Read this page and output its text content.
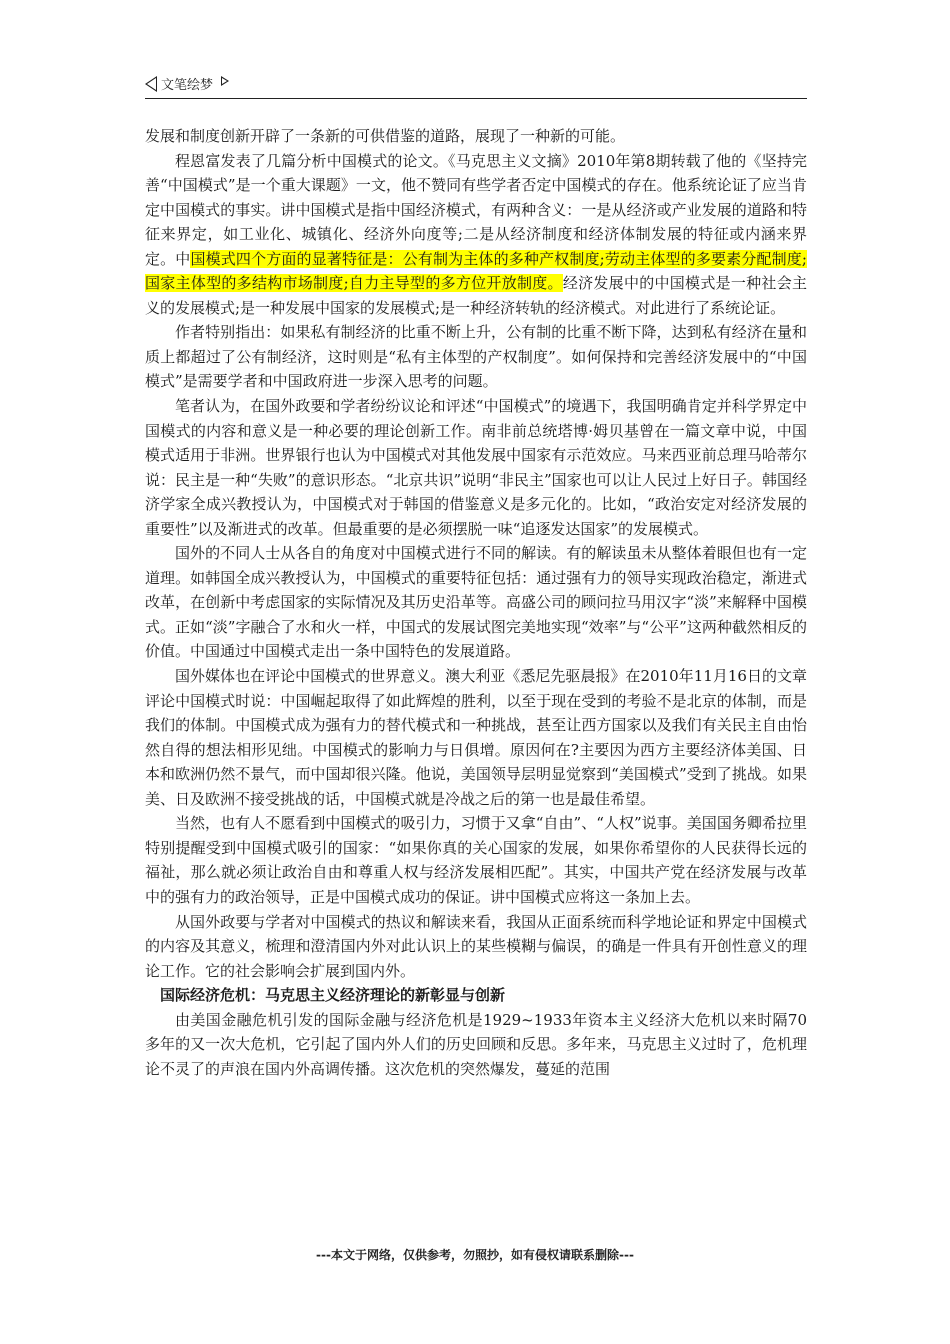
文笔绘梦

发展和制度创新开辟了一条新的可供借鉴的道路，展现了一种新的可能。

程恩富发表了几篇分析中国模式的论文。《马克思主义文摘》2010年第8期转载了他的《坚持完善“中国模式”是一个重大课题》一文，他不赞同有些学者否定中国模式的存在。他系统论证了应当肯定中国模式的事实。讲中国模式是指中国经济模式，有两种含义：一是从经济或产业发展的道路和特征来界定，如工业化、城镇化、经济外向度等;二是从经济制度和经济体制发展的特征或内涵来界定。中国模式四个方面的显著特征是：公有制为主体的多种产权制度;劳动主体型的多要素分配制度;国家主体型的多结构市场制度;自力主导型的多方位开放制度。经济发展中的中国模式是一种社会主义的发展模式;是一种发展中国家的发展模式;是一种经济转轨的经济模式。对此进行了系统论证。

作者特别指出：如果私有制经济的比重不断上升，公有制的比重不断下降，达到私有经济在量和质上都超过了公有制经济，这时则是“私有主体型的产权制度”。如何保持和完善经济发展中的“中国模式”是需要学者和中国政府进一步深入思考的问题。

笔者认为，在国外政要和学者纷纷议论和评述“中国模式”的境遇下，我国明确肯定并科学界定中国模式的内容和意义是一种必要的理论创新工作。南非前总统塔博·姆贝基曾在一篇文章中说，中国模式适用于非洲。世界银行也认为中国模式对其他发展中国家有示范效应。马来西亚前总理马哈蒂尔说：民主是一种“失败”的意识形态。“北京共识”说明“非民主”国家也可以让人民过上好日子。韩国经济学家全成兴教授认为，中国模式对于韩国的借鉴意义是多元化的。比如，“政治安定对经济发展的重要性”以及渐进式的改革。但最重要的是必须摆脱一味“追逐发达国家”的发展模式。

国外的不同人士从各自的角度对中国模式进行不同的解读。有的解读虽未从整体着眼但也有一定道理。如韩国全成兴教授认为，中国模式的重要特征包括：通过强有力的领导实现政治稳定，渐进式改革，在创新中考虑国家的实际情况及其历史沿革等。高盛公司的顾问拉马用汉字“淡”来解释中国模式。正如“淡”字融合了水和火一样，中国式的发展试图完美地实现“效率”与“公平”这两种截然相反的价值。中国通过中国模式走出一条中国特色的发展道路。

国外媒体也在评论中国模式的世界意义。澳大利亚《悉尼先驱晨报》在2010年11月16日的文章评论中国模式时说：中国崛起取得了如此辉煌的胜利，以至于现在受到的考验不是北京的体制，而是我们的体制。中国模式成为强有力的替代模式和一种挑战，甚至让西方国家以及我们有关民主自由怡然自得的想法相形见绌。中国模式的影响力与日俱增。原因何在?主要因为西方主要经济体美国、日本和欧洲仍然不景气，而中国却很兴隆。他说，美国领导层明显觉察到“美国模式”受到了挑战。如果美、日及欧洲不接受挑战的话，中国模式就是冷战之后的第一也是最佳希望。

当然，也有人不愿看到中国模式的吸引力，习惯于又拿“自由”、“人权”说事。美国国务卿希拉里特别提醒受到中国模式吸引的国家：“如果你真的关心国家的发展，如果你希望你的人民获得长远的福祉，那么就必须让政治自由和尊重人权与经济发展相匹配”。其实，中国共产党在经济发展与改革中的强有力的政治领导，正是中国模式成功的保证。讲中国模式应将这一条加上去。

从国外政要与学者对中国模式的热议和解读来看，我国从正面系统而科学地论证和界定中国模式的内容及其意义，梳理和澄清国内外对此认识上的某些模糊与偏误，的确是一件具有开创性意义的理论工作。它的社会影响会扩展到国内外。

国际经济危机：马克思主义经济理论的新彰显与创新

由美国金融危机引发的国际金融与经济危机是1929~1933年资本主义经济大危机以来时隔70多年的又一次大危机，它引起了国内外人们的历史回顾和反思。多年来，马克思主义过时了，危机理论不灵了的声浪在国内外高调传播。这次危机的突然爆发，蔓延的范围

---本文于网络，仅供参考，勿照抄，如有侵权请联系删除---
